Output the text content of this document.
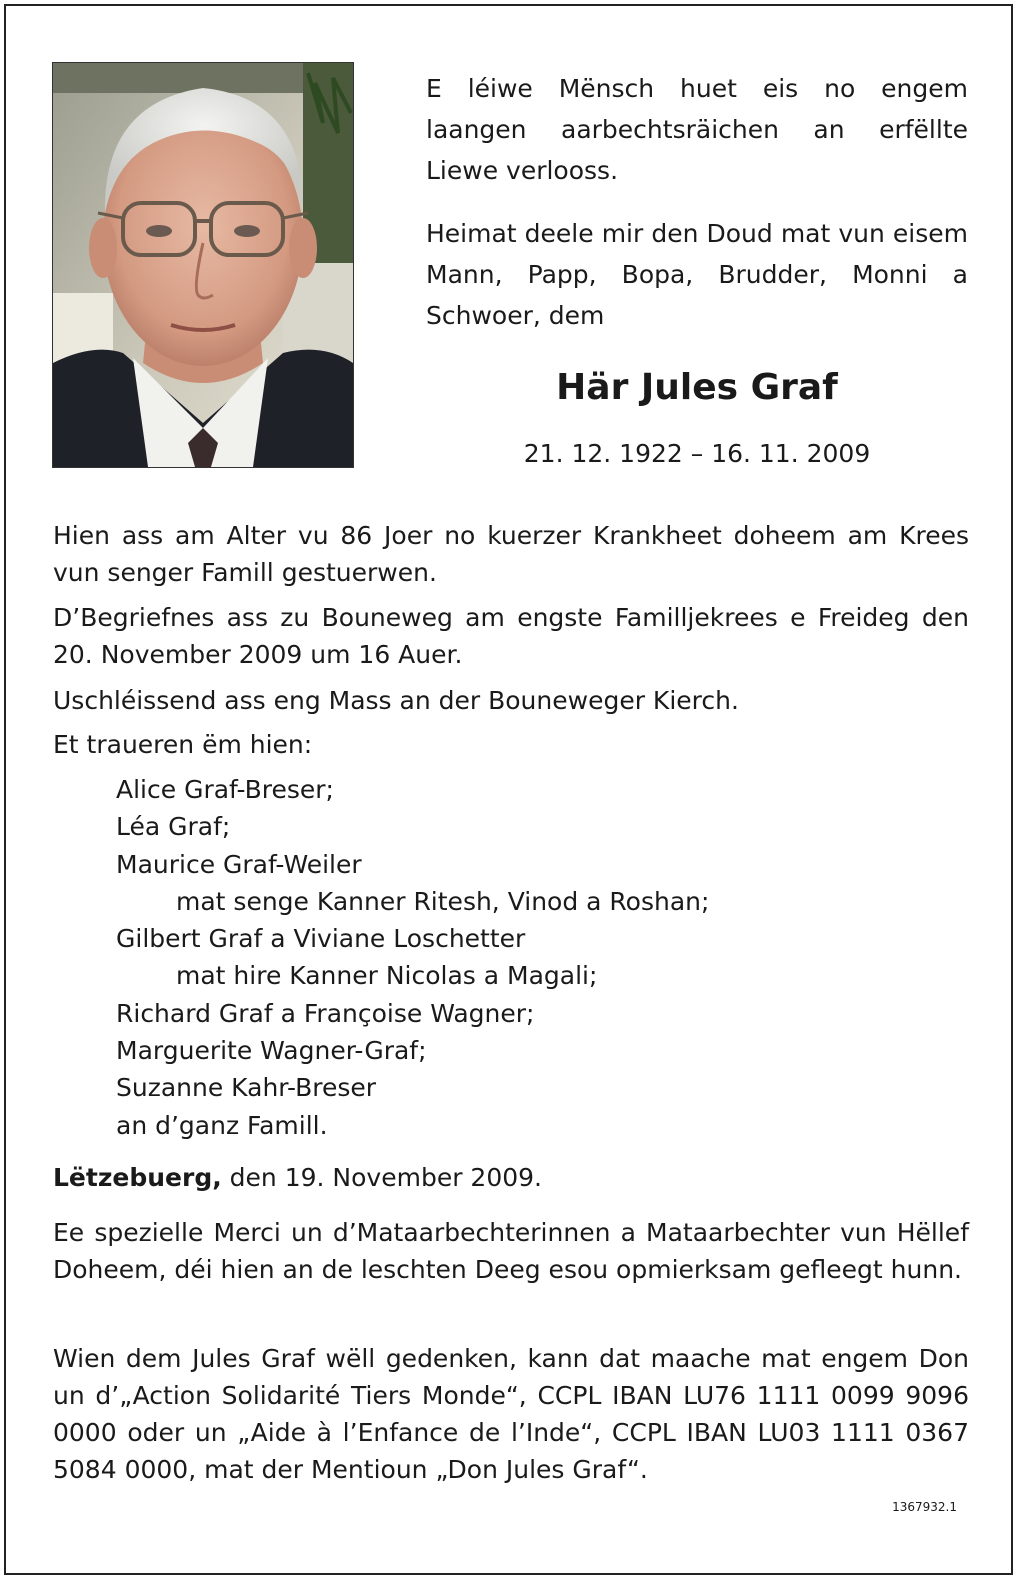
E léiwe Mënsch huet eis no engem laangen aarbechtsräichen an erfëllte Liewe verlooss.

Heimat deele mir den Doud mat vun eisem Mann, Papp, Bopa, Brudder, Monni a Schwoer, dem

Här Jules Graf

21. 12. 1922 – 16. 11. 2009

Hien ass am Alter vu 86 Joer no kuerzer Krankheet doheem am Krees vun senger Famill gestuerwen.

D’Begriefnes ass zu Bouneweg am engste Familljekrees e Freideg den 20. November 2009 um 16 Auer.

Uschléissend ass eng Mass an der Bouneweger Kierch.

Et traueren ëm hien:

Alice Graf-Breser;
Léa Graf;
Maurice Graf-Weiler
mat senge Kanner Ritesh, Vinod a Roshan;
Gilbert Graf a Viviane Loschetter
mat hire Kanner Nicolas a Magali;
Richard Graf a Françoise Wagner;
Marguerite Wagner-Graf;
Suzanne Kahr-Breser
an d’ganz Famill.

Lëtzebuerg, den 19. November 2009.

Ee spezielle Merci un d’Mataarbechterinnen a Mataarbechter vun Hëllef Doheem, déi hien an de leschten Deeg esou opmierksam gefleegt hunn.

Wien dem Jules Graf wëll gedenken, kann dat maache mat engem Don un d’„Action Solidarité Tiers Monde“, CCPL IBAN LU76 1111 0099 9096 0000 oder un „Aide à l’Enfance de l’Inde“, CCPL IBAN LU03 1111 0367 5084 0000, mat der Mentioun „Don Jules Graf“.

1367932.1
